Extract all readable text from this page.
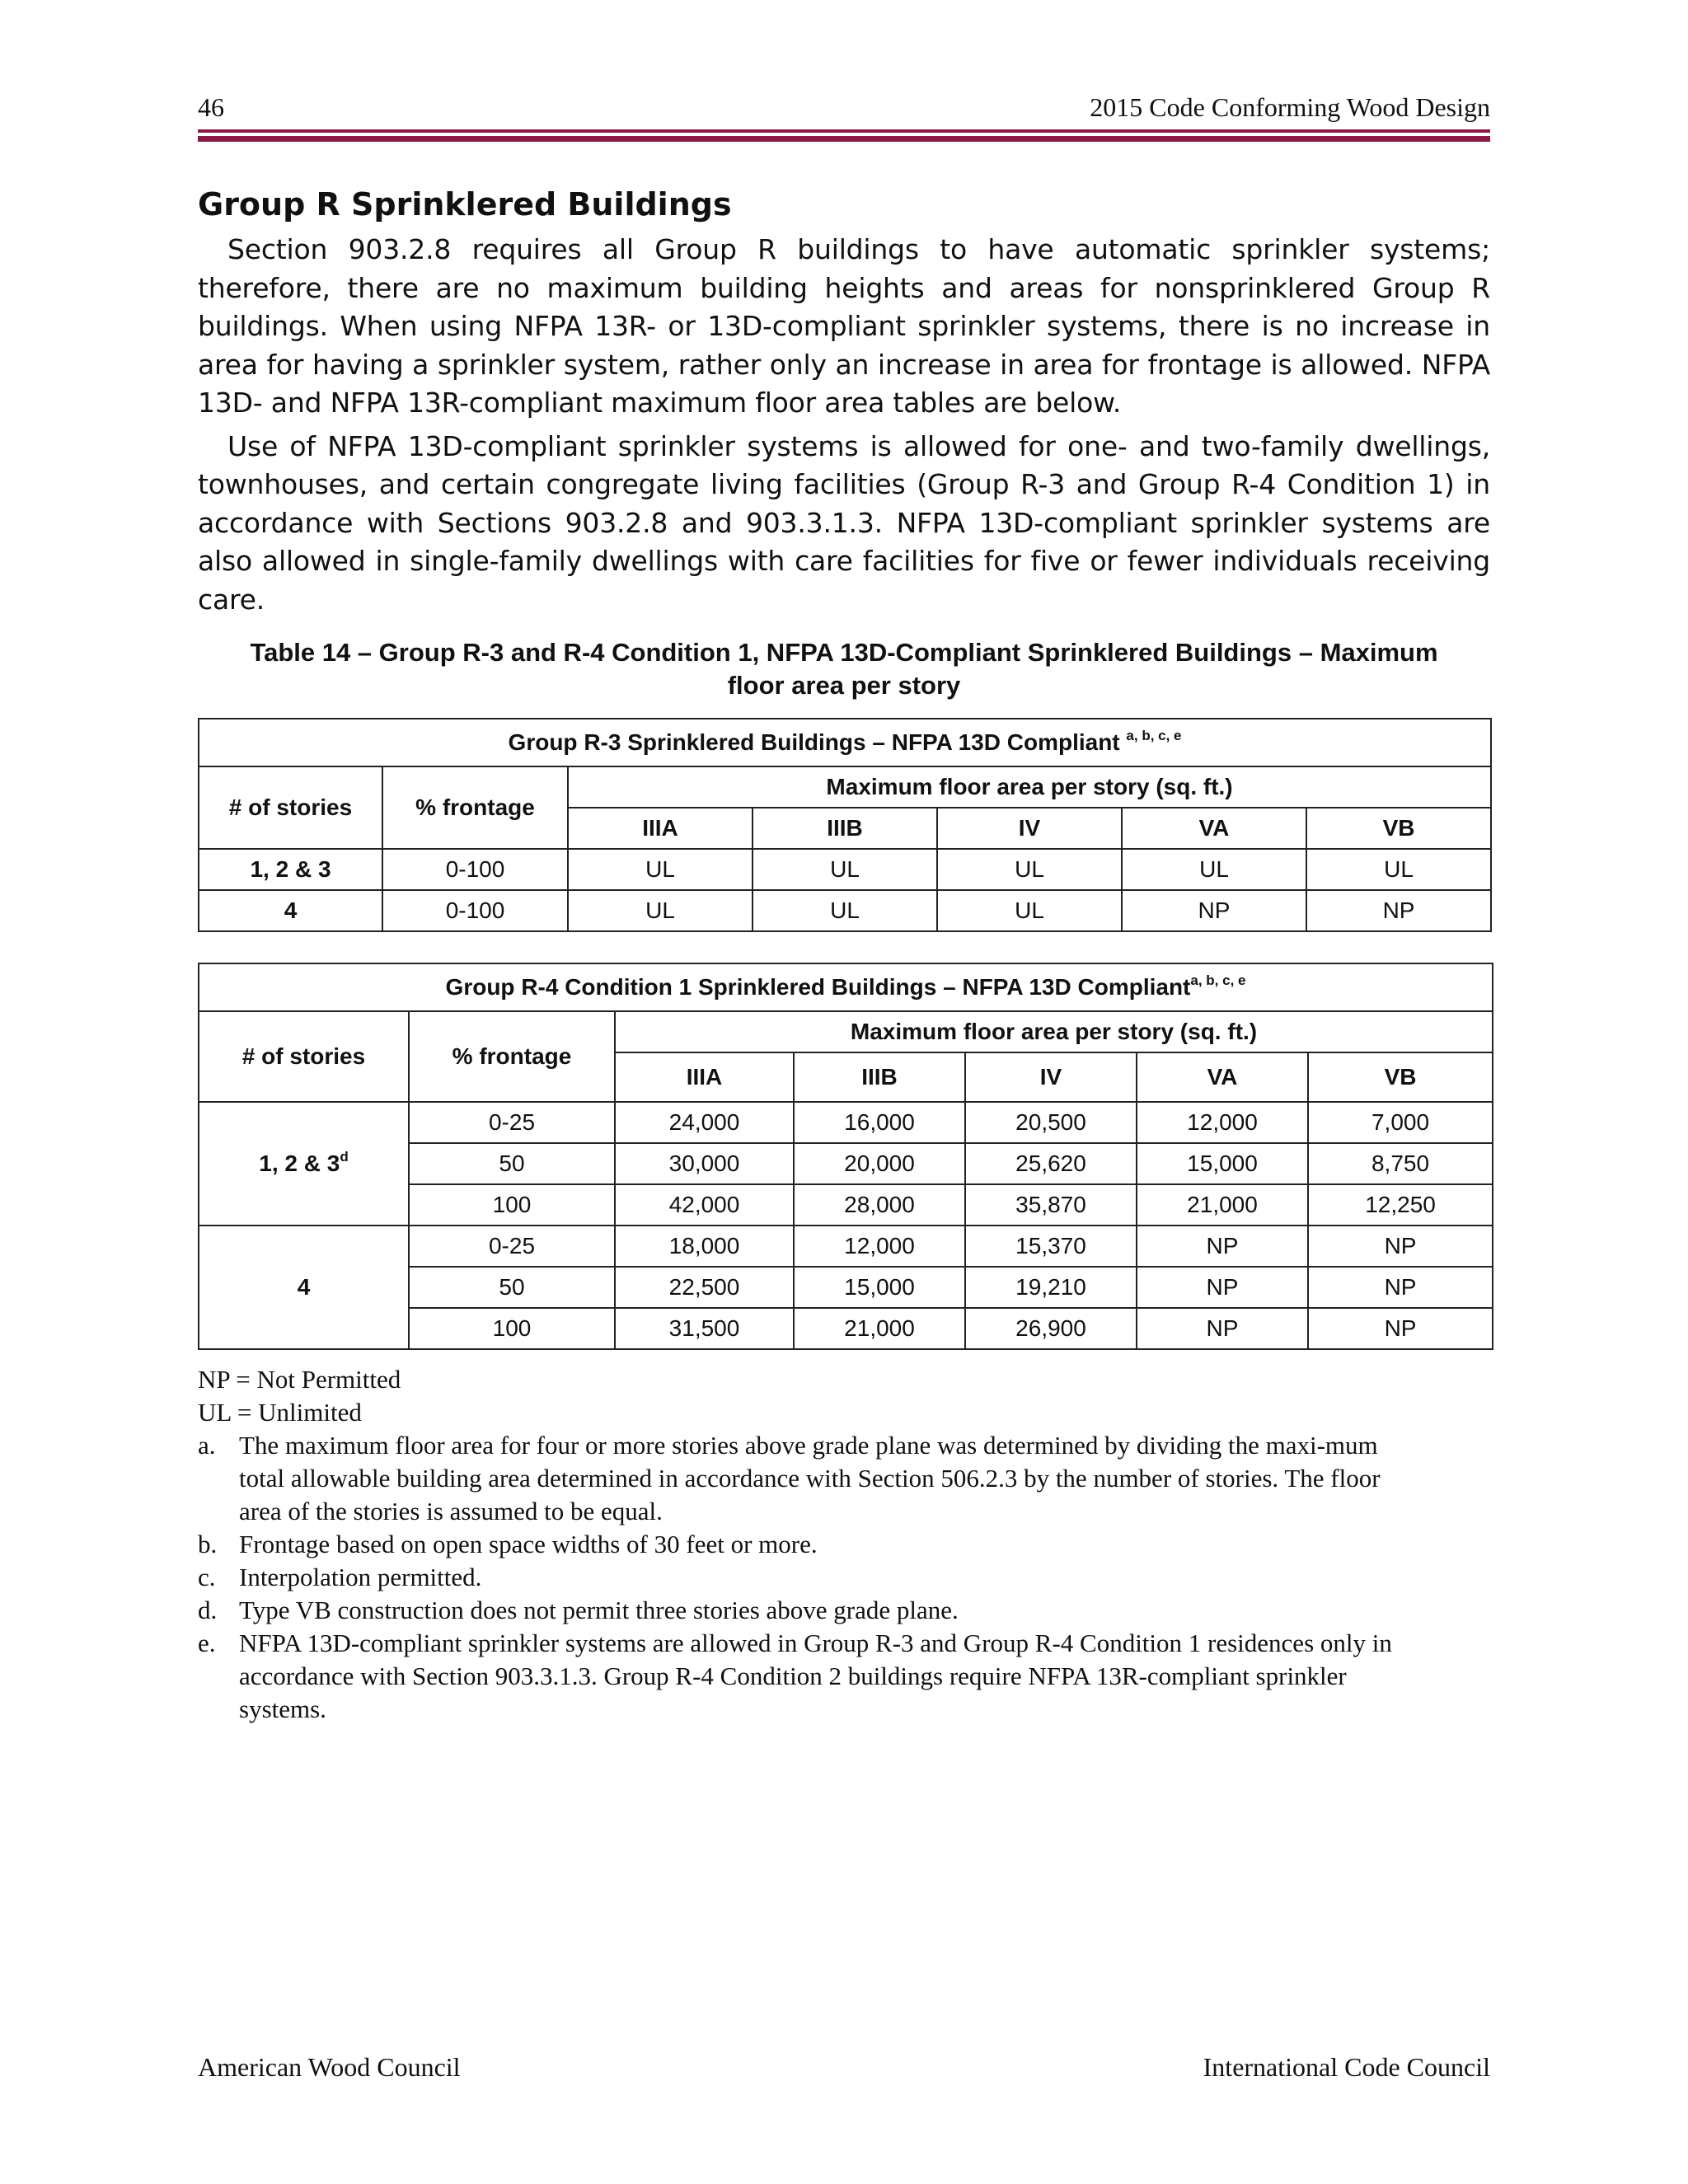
46	2015 Code Conforming Wood Design
Group R Sprinklered Buildings

Section 903.2.8 requires all Group R buildings to have automatic sprinkler systems; therefore, there are no maximum building heights and areas for nonsprinklered Group R buildings. When using NFPA 13R- or 13D-compliant sprinkler systems, there is no increase in area for having a sprinkler system, rather only an increase in area for frontage is allowed. NFPA 13D- and NFPA 13R-compliant maximum floor area tables are below.

Use of NFPA 13D-compliant sprinkler systems is allowed for one- and two-family dwellings, townhouses, and certain congregate living facilities (Group R-3 and Group R-4 Condition 1) in accordance with Sections 903.2.8 and 903.3.1.3. NFPA 13D-compliant sprinkler systems are also allowed in single-family dwellings with care facilities for five or fewer individuals receiving care.

Table 14 – Group R-3 and R-4 Condition 1, NFPA 13D-Compliant Sprinklered Buildings – Maximum
floor area per story
Group R-3 Sprinklered Buildings – NFPA 13D Compliant $^{a, b, c, e}$
# of stories	% frontage	Maximum floor area per story (sq. ft.)				
		IIIA	IIIB	IV	VA	VB
1, 2 & 3	0-100	UL	UL	UL	UL	UL
4	0-100	UL	UL	UL	NP	NP
Group R-4 Condition 1 Sprinklered Buildings – NFPA 13D Compliant$^{a, b, c, e}$
# of stories	% frontage	Maximum floor area per story (sq. ft.)				
		IIIA	IIIB	IV	VA	VB
1, 2 & 3$^d$	0-25	24,000	16,000	20,500	12,000	7,000
	50	30,000	20,000	25,620	15,000	8,750
	100	42,000	28,000	35,870	21,000	12,250
4	0-25	18,000	12,000	15,370	NP	NP
	50	22,500	15,000	19,210	NP	NP
	100	31,500	21,000	26,900	NP	NP

NP = Not Permitted

UL = Unlimited

a. The maximum floor area for four or more stories above grade plane was determined by dividing the maxi-mum total allowable building area determined in accordance with Section 506.2.3 by the number of stories. The floor area of the stories is assumed to be equal.
b. Frontage based on open space widths of 30 feet or more.
c. Interpolation permitted.
d. Type VB construction does not permit three stories above grade plane.
e. NFPA 13D-compliant sprinkler systems are allowed in Group R-3 and Group R-4 Condition 1 residences only in accordance with Section 903.3.1.3. Group R-4 Condition 2 buildings require NFPA 13R-compliant sprinkler systems.
American Wood Council	International Code Council
